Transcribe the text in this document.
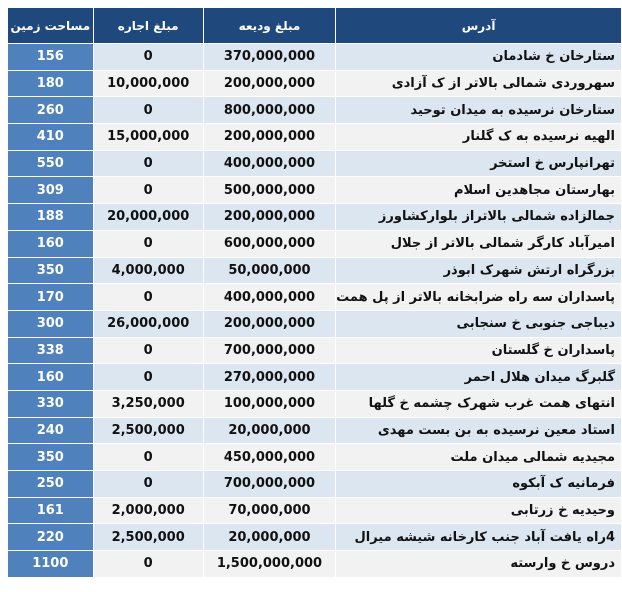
آدرس	مبلغ ودیعه	مبلغ اجاره	مساحت زمین
ستارخان خ شادمان	370,000,000	0	156
سهروردی شمالی بالاتر از ک آزادی	200,000,000	10,000,000	180
ستارخان نرسیده به میدان توحید	800,000,000	0	260
الهیه نرسیده به ک گلنار	200,000,000	15,000,000	410
تهرانپارس خ استخر	400,000,000	0	550
بهارستان مجاهدین اسلام	500,000,000	0	309
جمالزاده شمالی بالاتراز بلوارکشاورز	200,000,000	20,000,000	188
امیرآباد کارگر شمالی بالاتر از جلال	600,000,000	0	160
بزرگراه ارتش شهرک ابوذر	50,000,000	4,000,000	350
پاسداران سه راه ضرابخانه بالاتر از پل همت	400,000,000	0	170
دیباجی جنوبی خ سنجابی	200,000,000	26,000,000	300
پاسداران خ گلستان	700,000,000	0	338
گلبرگ میدان هلال احمر	270,000,000	0	160
انتهای همت غرب شهرک چشمه خ گلها	100,000,000	3,250,000	330
استاد معین نرسیده به بن بست مهدی	20,000,000	2,500,000	240
مجیدیه شمالی میدان ملت	450,000,000	0	350
فرمانیه ک آبکوه	700,000,000	0	250
وحیدیه خ زرتابی	70,000,000	2,000,000	161
4راه یافت آباد جنب کارخانه شیشه میرال	20,000,000	2,500,000	220
دروس خ وارسته	1,500,000,000	0	1100
